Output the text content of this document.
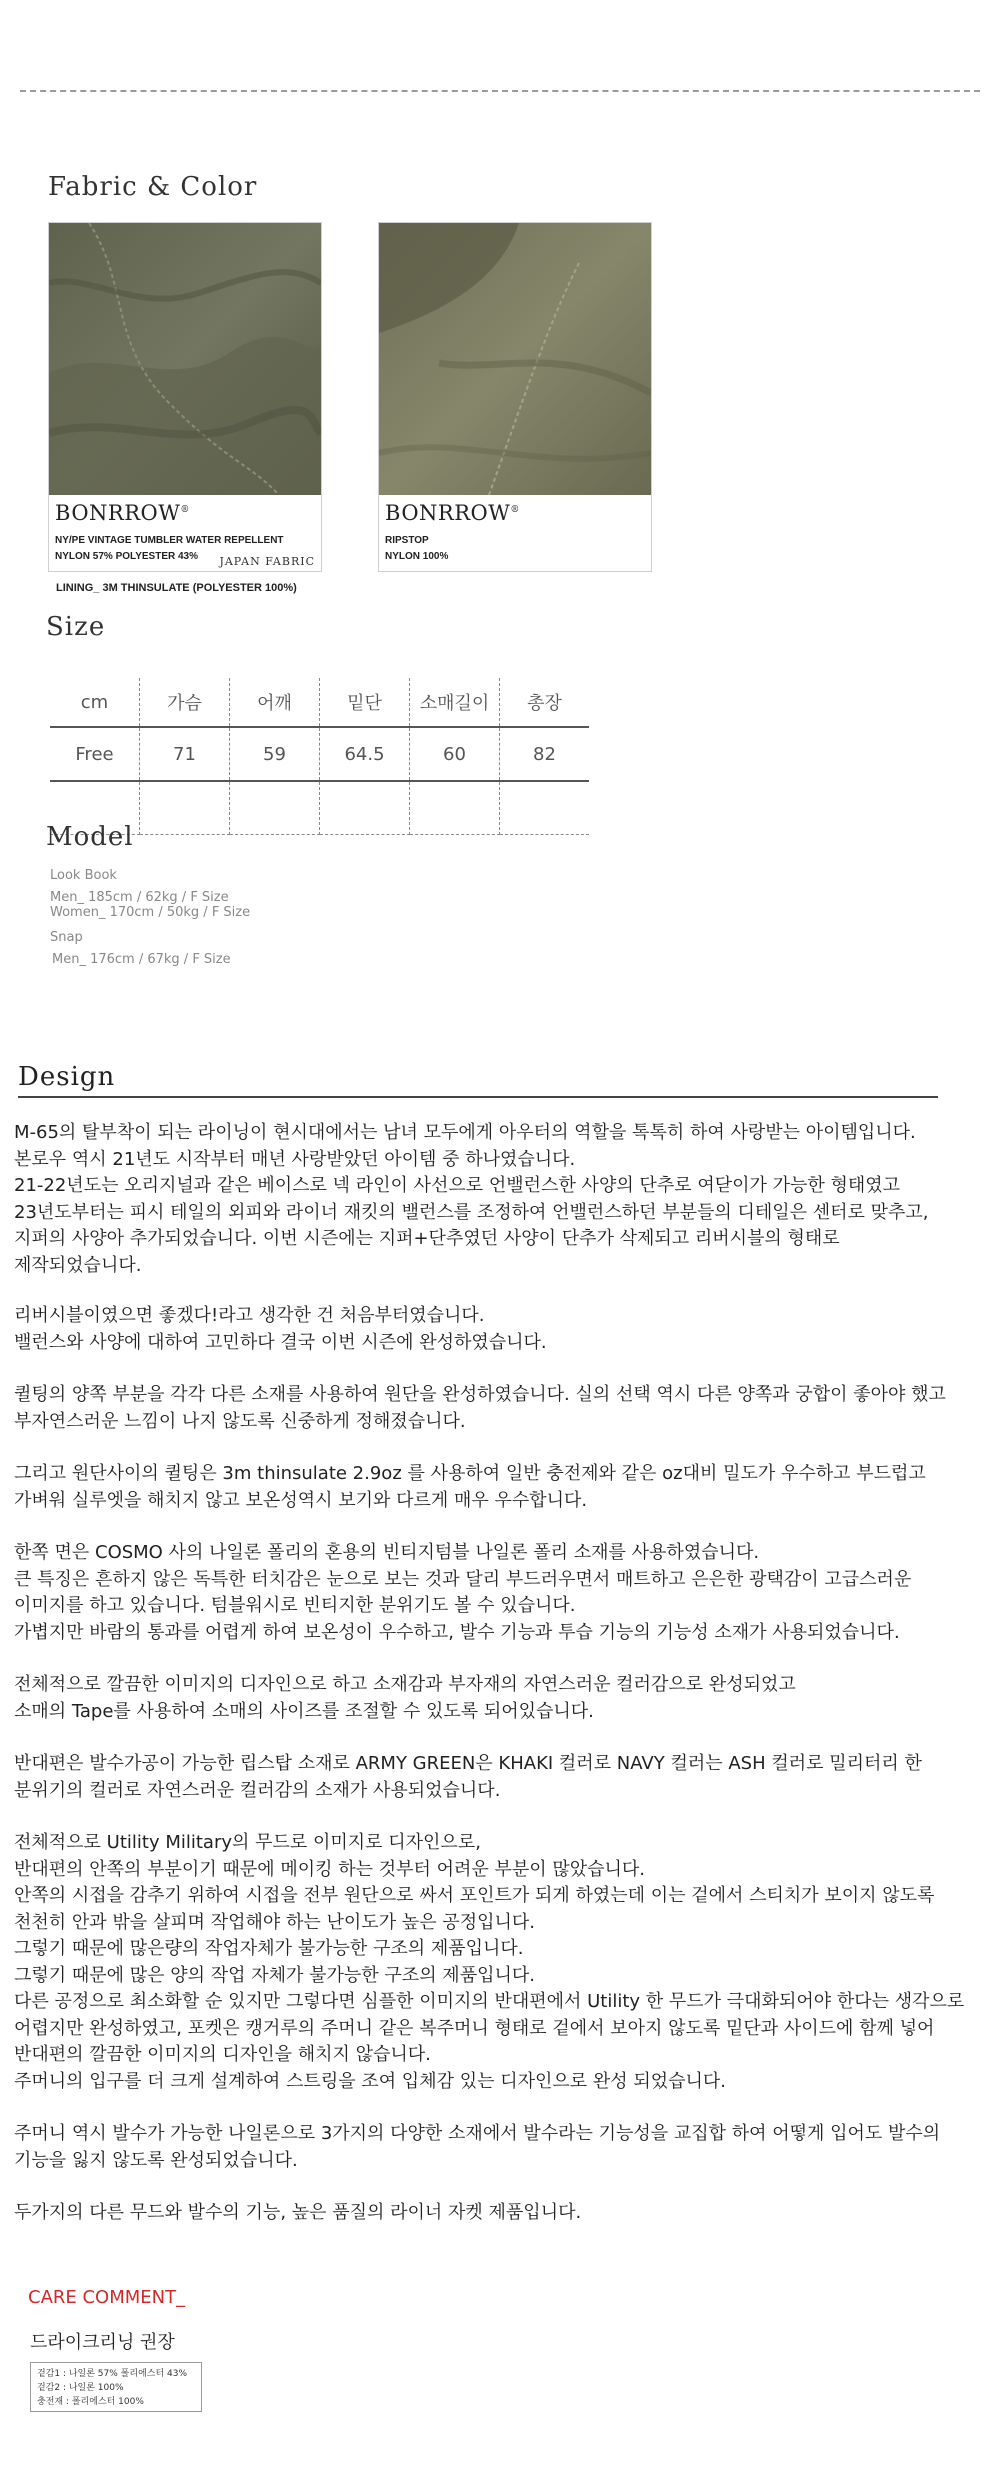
Fabric & Color
BONRROW®
NY/PE VINTAGE TUMBLER WATER REPELLENT
NYLON 57% POLYESTER 43% JAPAN FABRIC
BONRROW®
RIPSTOP
NYLON 100%
LINING_ 3M THINSULATE (POLYESTER 100%)
Size
cm	가슴	어깨	밑단	소매길이	총장
Free	71	59	64.5	60	82

Model
Look Book
Men_ 185cm / 62kg / F Size
Women_ 170cm / 50kg / F Size
Snap
Men_ 176cm / 67kg / F Size
Design

M-65의 탈부착이 되는 라이닝이 현시대에서는 남녀 모두에게 아우터의 역할을 톡톡히 하여 사랑받는 아이템입니다.
본로우 역시 21년도 시작부터 매년 사랑받았던 아이템 중 하나였습니다.
21-22년도는 오리지널과 같은 베이스로 넥 라인이 사선으로 언밸런스한 사양의 단추로 여닫이가 가능한 형태였고
23년도부터는 피시 테일의 외피와 라이너 재킷의 밸런스를 조정하여 언밸런스하던 부분들의 디테일은 센터로 맞추고,
지퍼의 사양아 추가되었습니다. 이번 시즌에는 지퍼+단추였던 사양이 단추가 삭제되고 리버시블의 형태로
제작되었습니다.

리버시블이였으면 좋겠다!라고 생각한 건 처음부터였습니다.
밸런스와 사양에 대하여 고민하다 결국 이번 시즌에 완성하였습니다.

퀼팅의 양쪽 부분을 각각 다른 소재를 사용하여 원단을 완성하였습니다. 실의 선택 역시 다른 양쪽과 궁합이 좋아야 했고
부자연스러운 느낌이 나지 않도록 신중하게 정해졌습니다.

그리고 원단사이의 퀼팅은 3m thinsulate 2.9oz 를 사용하여 일반 충전제와 같은 oz대비 밀도가 우수하고 부드럽고
가벼워 실루엣을 해치지 않고 보온성역시 보기와 다르게 매우 우수합니다.

한쪽 면은 COSMO 사의 나일론 폴리의 혼용의 빈티지텀블 나일론 폴리 소재를 사용하였습니다.
큰 특징은 흔하지 않은 독특한 터치감은 눈으로 보는 것과 달리 부드러우면서 매트하고 은은한 광택감이 고급스러운
이미지를 하고 있습니다. 텀블워시로 빈티지한 분위기도 볼 수 있습니다.
가볍지만 바람의 통과를 어렵게 하여 보온성이 우수하고, 발수 기능과 투습 기능의 기능성 소재가 사용되었습니다.

전체적으로 깔끔한 이미지의 디자인으로 하고 소재감과 부자재의 자연스러운 컬러감으로 완성되었고
소매의 Tape를 사용하여 소매의 사이즈를 조절할 수 있도록 되어있습니다.

반대편은 발수가공이 가능한 립스탑 소재로 ARMY GREEN은 KHAKI 컬러로 NAVY 컬러는 ASH 컬러로 밀리터리 한
분위기의 컬러로 자연스러운 컬러감의 소재가 사용되었습니다.

전체적으로 Utility Military의 무드로 이미지로 디자인으로,
반대편의 안쪽의 부분이기 때문에 메이킹 하는 것부터 어려운 부분이 많았습니다.
안쪽의 시접을 감추기 위하여 시접을 전부 원단으로 싸서 포인트가 되게 하였는데 이는 겉에서 스티치가 보이지 않도록
천천히 안과 밖을 살피며 작업해야 하는 난이도가 높은 공정입니다.
그렇기 때문에 많은량의 작업자체가 불가능한 구조의 제품입니다.
그렇기 때문에 많은 양의 작업 자체가 불가능한 구조의 제품입니다.
다른 공정으로 최소화할 순 있지만 그렇다면 심플한 이미지의 반대편에서 Utility 한 무드가 극대화되어야 한다는 생각으로
어렵지만 완성하였고, 포켓은 캥거루의 주머니 같은 복주머니 형태로 겉에서 보아지 않도록 밑단과 사이드에 함께 넣어
반대편의 깔끔한 이미지의 디자인을 해치지 않습니다.
주머니의 입구를 더 크게 설계하여 스트링을 조여 입체감 있는 디자인으로 완성 되었습니다.

주머니 역시 발수가 가능한 나일론으로 3가지의 다양한 소재에서 발수라는 기능성을 교집합 하여 어떻게 입어도 발수의
기능을 잃지 않도록 완성되었습니다.

두가지의 다른 무드와 발수의 기능, 높은 품질의 라이너 자켓 제품입니다.

CARE COMMENT_
드라이크리닝 권장
겉감1 : 나일론 57% 폴리에스터 43%
겉감2 : 나일론 100%
충전재 : 폴리에스터 100%
